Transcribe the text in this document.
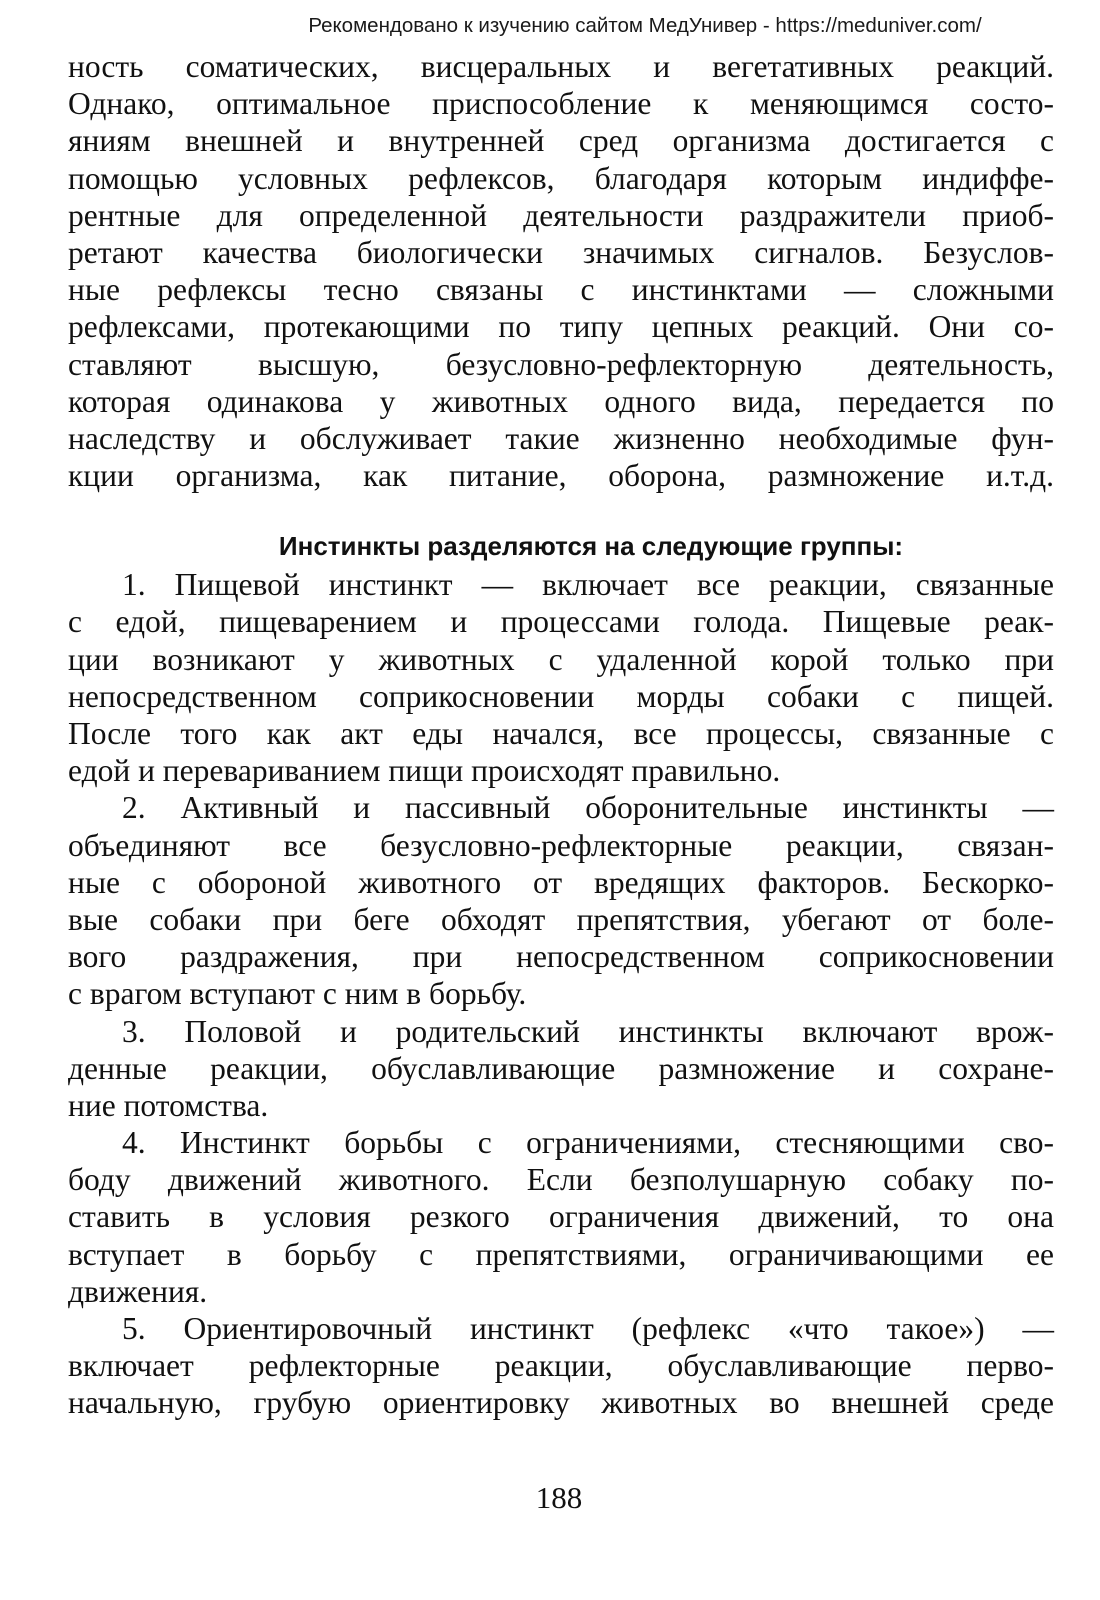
Рекомендовано к изучению сайтом МедУнивер - https://meduniver.com/
ность соматических, висцеральных и вегетативных реакций.
Однако, оптимальное приспособление к меняющимся состо-
яниям внешней и внутренней сред организма достигается с
помощью условных рефлексов, благодаря которым индиффе-
рентные для определенной деятельности раздражители приоб-
ретают качества биологически значимых сигналов. Безуслов-
ные рефлексы тесно связаны с инстинктами — сложными
рефлексами, протекающими по типу цепных реакций. Они со-
ставляют высшую, безусловно-рефлекторную деятельность,
которая одинакова у животных одного вида, передается по
наследству и обслуживает такие жизненно необходимые фун-
кции организма, как питание, оборона, размножение и.т.д.
Инстинкты разделяются на следующие группы:
1. Пищевой инстинкт — включает все реакции, связанные
с едой, пищеварением и процессами голода. Пищевые реак-
ции возникают у животных с удаленной корой только при
непосредственном соприкосновении морды собаки с пищей.
После того как акт еды начался, все процессы, связанные с
едой и перевариванием пищи происходят правильно.
2. Активный и пассивный оборонительные инстинкты —
объединяют все безусловно-рефлекторные реакции, связан-
ные с обороной животного от вредящих факторов. Бескорко-
вые собаки при беге обходят препятствия, убегают от боле-
вого раздражения, при непосредственном соприкосновении
с врагом вступают с ним в борьбу.
3. Половой и родительский инстинкты включают врож-
денные реакции, обуславливающие размножение и сохране-
ние потомства.
4. Инстинкт борьбы с ограничениями, стесняющими сво-
боду движений животного. Если безполушарную собаку по-
ставить в условия резкого ограничения движений, то она
вступает в борьбу с препятствиями, ограничивающими ее
движения.
5. Ориентировочный инстинкт (рефлекс «что такое») —
включает рефлекторные реакции, обуславливающие перво-
начальную, грубую ориентировку животных во внешней среде
188
